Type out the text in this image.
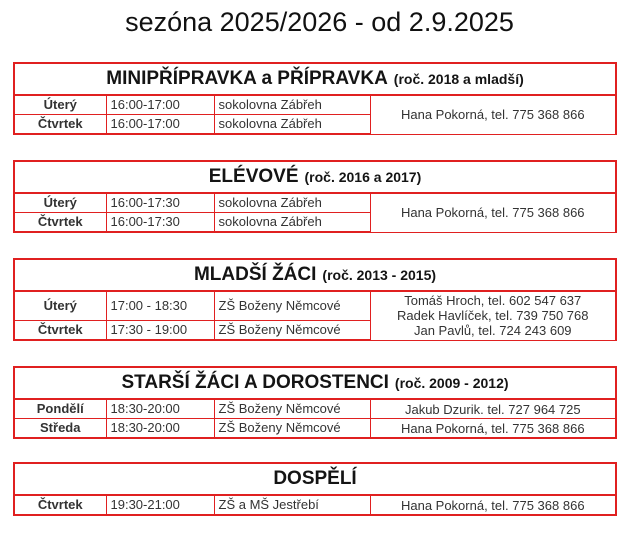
sezóna 2025/2026 - od 2.9.2025
MINIPŘÍPRAVKA a PŘÍPRAVKA (roč. 2018 a mladší)			
Úterý	16:00-17:00	sokolovna Zábřeh	Hana Pokorná, tel. 775 368 866

Čtvrtek	16:00-17:00	sokolovna Zábřeh	
ELÉVOVÉ (roč. 2016 a 2017)			
Úterý	16:00-17:30	sokolovna Zábřeh	Hana Pokorná, tel. 775 368 866

Čtvrtek	16:00-17:30	sokolovna Zábřeh	
MLADŠÍ ŽÁCI (roč. 2013 - 2015)			
Úterý	17:00 - 18:30	ZŠ Boženy Němcové	Tomáš Hroch, tel. 602 547 637
Radek Havlíček, tel. 739 750 768
Jan Pavlů, tel. 724 243 609

Čtvrtek	17:30 - 19:00	ZŠ Boženy Němcové	
STARŠÍ ŽÁCI A DOROSTENCI (roč. 2009 - 2012)			
Pondělí	18:30-20:00	ZŠ Boženy Němcové	Jakub Dzurik. tel. 727 964 725
Středa	18:30-20:00	ZŠ Boženy Němcové	Hana Pokorná, tel. 775 368 866
DOSPĚLÍ
Čtvrtek	19:30-21:00	ZŠ a MŠ Jestřebí	Hana Pokorná, tel. 775 368 866
